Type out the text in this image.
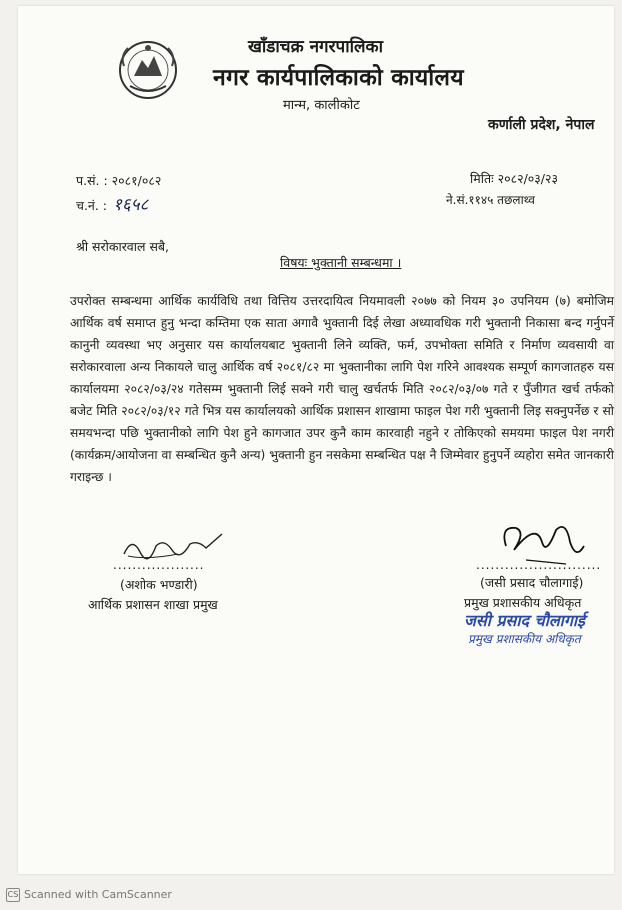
खाँडाचक्र नगरपालिका
नगर कार्यपालिकाको कार्यालय
मान्म, कालीकोट
कर्णाली प्रदेश, नेपाल
प.सं. : २०८१/०८२
च.नं. : १६५८
मितिः २०८२/०३/२३
ने.सं.११४५ तछलाथ्व
श्री सरोकारवाल सबै,
विषयः भुक्तानी सम्बन्धमा ।
उपरोक्त सम्बन्धमा आर्थिक कार्यविधि तथा वित्तिय उत्तरदायित्व नियमावली २०७७ को नियम ३० उपनियम (७) बमोजिम आर्थिक वर्ष समाप्त हुनु भन्दा कम्तिमा एक साता अगावै भुक्तानी दिई लेखा अध्यावधिक गरी भुक्तानी निकासा बन्द गर्नुपर्ने कानुनी व्यवस्था भए अनुसार यस कार्यालयबाट भुक्तानी लिने व्यक्ति, फर्म, उपभोक्ता समिति र निर्माण व्यवसायी वा सरोकारवाला अन्य निकायले चालु आर्थिक वर्ष २०८१/८२ मा भुक्तानीका लागि पेश गरिने आवश्यक सम्पूर्ण कागजातहरु यस कार्यालयमा २०८२/०३/२४ गतेसम्म भुक्तानी लिई सक्ने गरी चालु खर्चतर्फ मिति २०८२/०३/०७ गते र पुँजीगत खर्च तर्फको बजेट मिति २०८२/०३/१२ गते भित्र यस कार्यालयको आर्थिक प्रशासन शाखामा फाइल पेश गरी भुक्तानी लिइ सक्नुपर्नेछ र सो समयभन्दा पछि भुक्तानीको लागि पेश हुने कागजात उपर कुनै काम कारवाही नहुने र तोकिएको समयमा फाइल पेश नगरी (कार्यक्रम/आयोजना वा सम्बन्धित कुनै अन्य) भुक्तानी हुन नसकेमा सम्बन्धित पक्ष नै जिम्मेवार हुनुपर्ने व्यहोरा समेत जानकारी गराइन्छ ।
...................	..........................
(अशोक भण्डारी)
आर्थिक प्रशासन शाखा प्रमुख
(जसी प्रसाद चौलागाई)
प्रमुख प्रशासकीय अधिकृत
जसी प्रसाद चौलागाई
प्रमुख प्रशासकीय अधिकृत
CS Scanned with CamScanner
